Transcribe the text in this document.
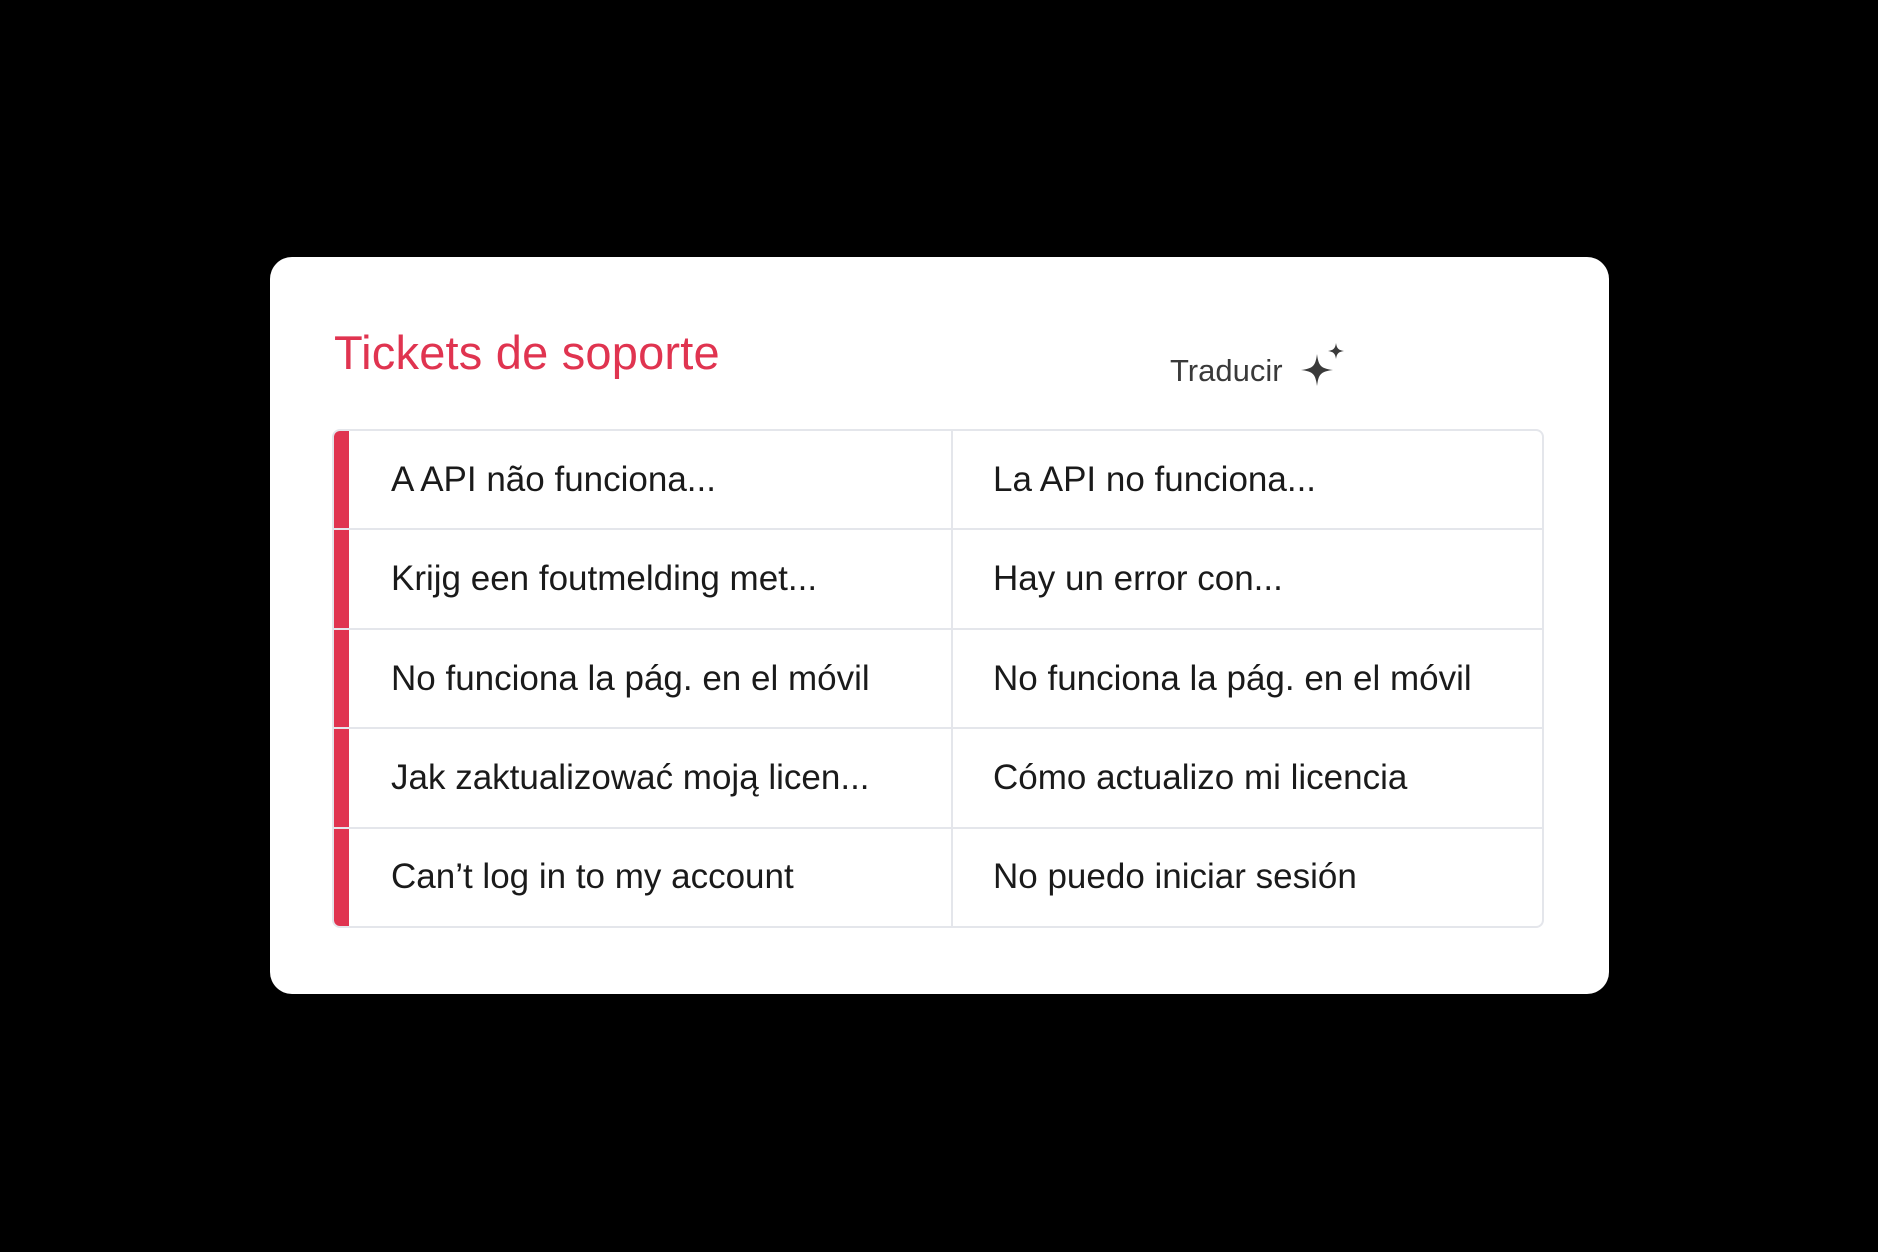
Tickets de soporte	Traducir
A API não funciona...	La API no funciona...
Krijg een foutmelding met...	Hay un error con...
No funciona la pág. en el móvil	No funciona la pág. en el móvil
Jak zaktualizować moją licen...	Cómo actualizo mi licencia
Can’t log in to my account	No puedo iniciar sesión
